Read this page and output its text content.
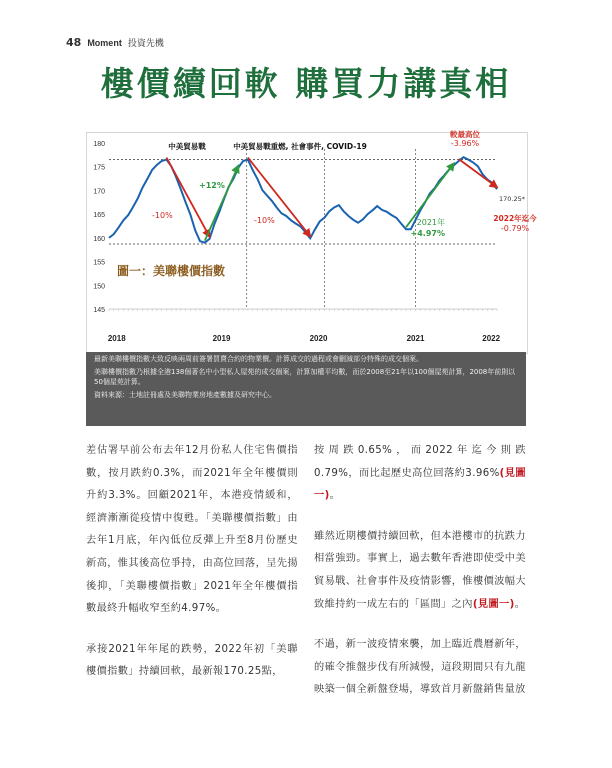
48 Moment 投資先機
樓價續回軟 購買力講真相
145
150
155
160
165
170
175
180
2018	2019	2020	2021	2022
中美貿易戰	中美貿易戰重燃, 社會事件, COVID-19
-10%
+12%
-10%	2021年
+4.97%
較最高位
-3.96%
2022年迄今
-0.79%
170.25*
圖一：美聯樓價指數

最新美聯樓價指數大致反映兩周前簽署買賣合約的物業價。計算成交的過程或會刪減部分特殊的成交個案。

美聯樓價指數乃根據全港138個著名中小型私人屋苑的成交個案，計算加權平均數，而於2008至21年以100個屋苑計算，2008年前則以50個屋苑計算。

資料來源：土地註冊處及美聯物業房地產數據及研究中心。

差估署早前公布去年12月份私人住宅售價指數，按月跌約0.3%，而2021年全年樓價則升約3.3%。回顧2021年，本港疫情緩和，經濟漸漸從疫情中復甦。「美聯樓價指數」由去年1月底，年內低位反彈上升至8月份歷史新高，惟其後高位爭持，由高位回落，呈先揚後抑，「美聯樓價指數」2021年全年樓價指數最終升幅收窄至約4.97%。

承接2021年年尾的跌勢，2022年初「美聯樓價指數」持續回軟，最新報170.25點，

按周跌0.65%，而2022年迄今則跌0.79%，而比起歷史高位回落約3.96%(見圖一)。

雖然近期樓價持續回軟，但本港樓市的抗跌力相當強勁。事實上，過去數年香港即使受中美貿易戰、社會事件及疫情影響，惟樓價波幅大致維持約一成左右的「區間」之內(見圖一)。

不過，新一波疫情來襲，加上臨近農曆新年，的確令推盤步伐有所減慢，這段期間只有九龍映築一個全新盤登場，導致首月新盤銷售量放
